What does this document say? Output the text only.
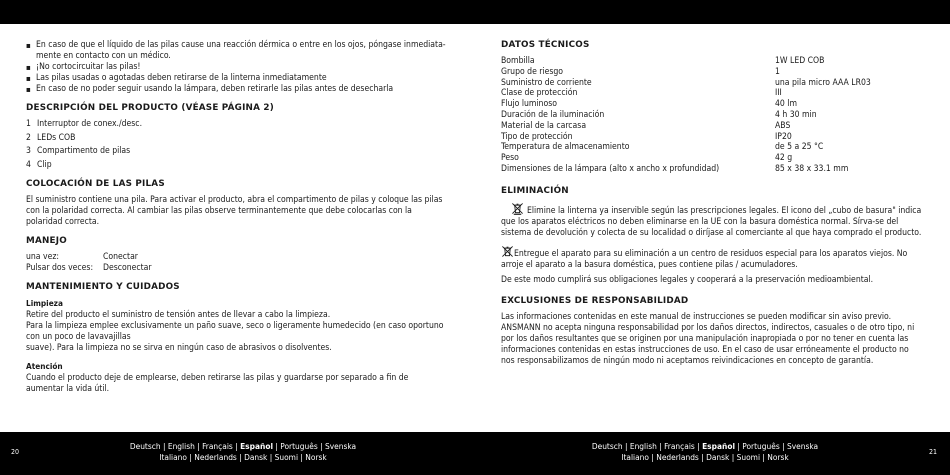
▪ En caso de que el líquido de las pilas cause una reacción dérmica o entre en los ojos, póngase inmediata-mente en contacto con un médico.
▪ ¡No cortocircuitar las pilas!
▪ Las pilas usadas o agotadas deben retirarse de la linterna inmediatamente
▪ En caso de no poder seguir usando la lámpara, deben retirarle las pilas antes de desecharla
DESCRIPCIÓN DEL PRODUCTO (VÉASE PÁGINA 2)
1 Interruptor de conex./desc.
2 LEDs COB
3 Compartimento de pilas
4 Clip
COLOCACIÓN DE LAS PILAS

El suministro contiene una pila. Para activar el producto, abra el compartimento de pilas y coloque las pilas con la polaridad correcta. Al cambiar las pilas observe terminantemente que debe colocarlas con la polaridad correcta.

MANEJO
una vez:	Conectar
Pulsar dos veces:	Desconectar
MANTENIMIENTO Y CUIDADOS
Limpieza

Retire del producto el suministro de tensión antes de llevar a cabo la limpieza.

Para la limpieza emplee exclusivamente un paño suave, seco o ligeramente humedecido (en caso oportuno con un poco de lavavajillas

suave). Para la limpieza no se sirva en ningún caso de abrasivos o disolventes.

Atención

Cuando el producto deje de emplearse, deben retirarse las pilas y guardarse por separado a fin de aumentar la vida útil.

DATOS TÉCNICOS
Bombilla	1W LED COB
Grupo de riesgo	1
Suministro de corriente	una pila micro AAA LR03
Clase de protección	III
Flujo luminoso	40 lm
Duración de la iluminación	4 h 30 min
Material de la carcasa	ABS
Tipo de protección	IP20
Temperatura de almacenamiento	de 5 a 25 °C
Peso	42 g
Dimensiones de la lámpara (alto x ancho x profundidad)	85 x 38 x 33.1 mm
ELIMINACIÓN

Elimine la linterna ya inservible según las prescripciones legales. El icono del „cubo de basura" indica que los aparatos eléctricos no deben eliminarse en la UE con la basura doméstica normal. Sírva-se del sistema de devolución y colecta de su localidad o diríjase al comerciante al que haya comprado el producto.

Entregue el aparato para su eliminación a un centro de residuos especial para los aparatos viejos. No arroje el aparato a la basura doméstica, pues contiene pilas / acumuladores.

De este modo cumplirá sus obligaciones legales y cooperará a la preservación medioambiental.

EXCLUSIONES DE RESPONSABILIDAD

Las informaciones contenidas en este manual de instrucciones se pueden modificar sin aviso previo. ANSMANN no acepta ninguna responsabilidad por los daños directos, indirectos, casuales o de otro tipo, ni por los daños resultantes que se originen por una manipulación inapropiada o por no tener en cuenta las informaciones contenidas en estas instrucciones de uso. En el caso de usar erróneamente el producto no nos responsabilizamos de ningún modo ni aceptamos reivindicaciones en concepto de garantía.

20
Deutsch | English | Français | Español | Português | Svenska
Italiano | Nederlands | Dansk | Suomi | Norsk
Deutsch | English | Français | Español | Português | Svenska
Italiano | Nederlands | Dansk | Suomi | Norsk	21
